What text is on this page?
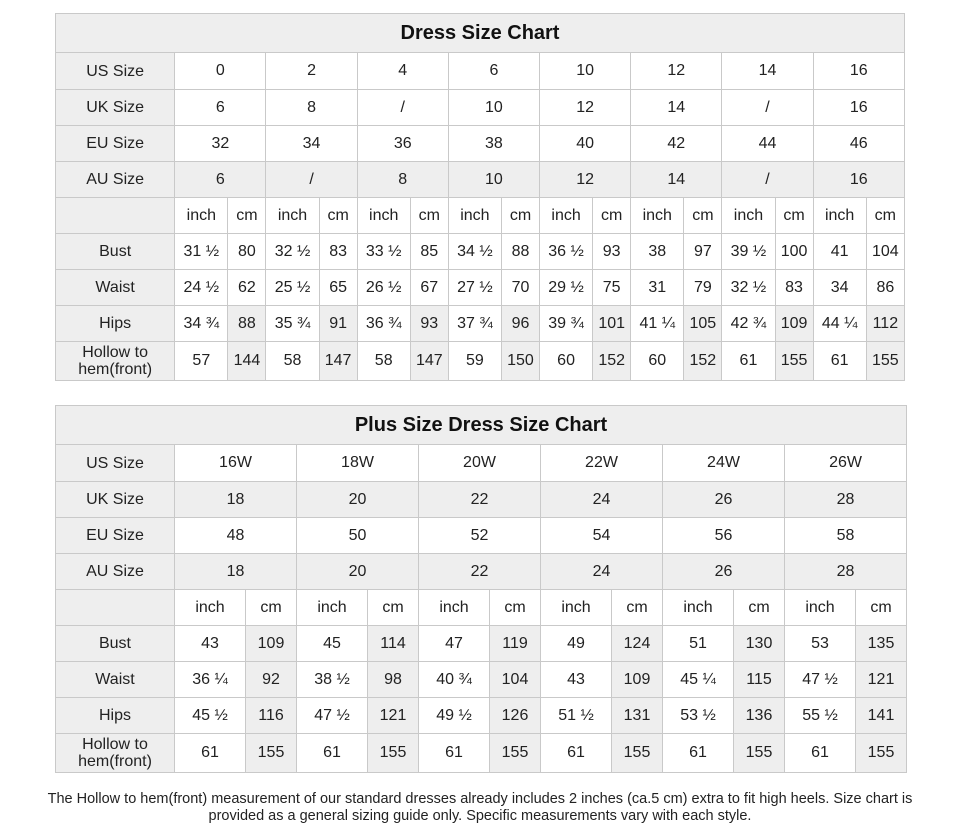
Dress Size Chart																
US Size	0		2		4		6		10		12		14		16	
UK Size	6		8		/		10		12		14		/		16	
EU Size	32		34		36		38		40		42		44		46	
AU Size	6		/		8		10		12		14		/		16	
	inch	cm	inch	cm	inch	cm	inch	cm	inch	cm	inch	cm	inch	cm	inch	cm
Bust	31 ½	80	32 ½	83	33 ½	85	34 ½	88	36 ½	93	38	97	39 ½	100	41	104
Waist	24 ½	62	25 ½	65	26 ½	67	27 ½	70	29 ½	75	31	79	32 ½	83	34	86
Hips	34 ¾	88	35 ¾	91	36 ¾	93	37 ¾	96	39 ¾	101	41 ¼	105	42 ¾	109	44 ¼	112

Hollow to
hem(front)	57	144	58	147	58	147	59	150	60	152	60	152	61	155	61	155
Plus Size Dress Size Chart												
US Size	16W		18W		20W		22W		24W		26W	
UK Size	18		20		22		24		26		28	
EU Size	48		50		52		54		56		58	
AU Size	18		20		22		24		26		28	
	inch	cm	inch	cm	inch	cm	inch	cm	inch	cm	inch	cm
Bust	43	109	45	114	47	119	49	124	51	130	53	135
Waist	36 ¼	92	38 ½	98	40 ¾	104	43	109	45 ¼	115	47 ½	121
Hips	45 ½	116	47 ½	121	49 ½	126	51 ½	131	53 ½	136	55 ½	141

Hollow to
hem(front)	61	155	61	155	61	155	61	155	61	155	61	155
The Hollow to hem(front) measurement of our standard dresses already includes 2 inches (ca.5 cm) extra to fit high heels. Size chart is
provided as a general sizing guide only. Specific measurements vary with each style.
